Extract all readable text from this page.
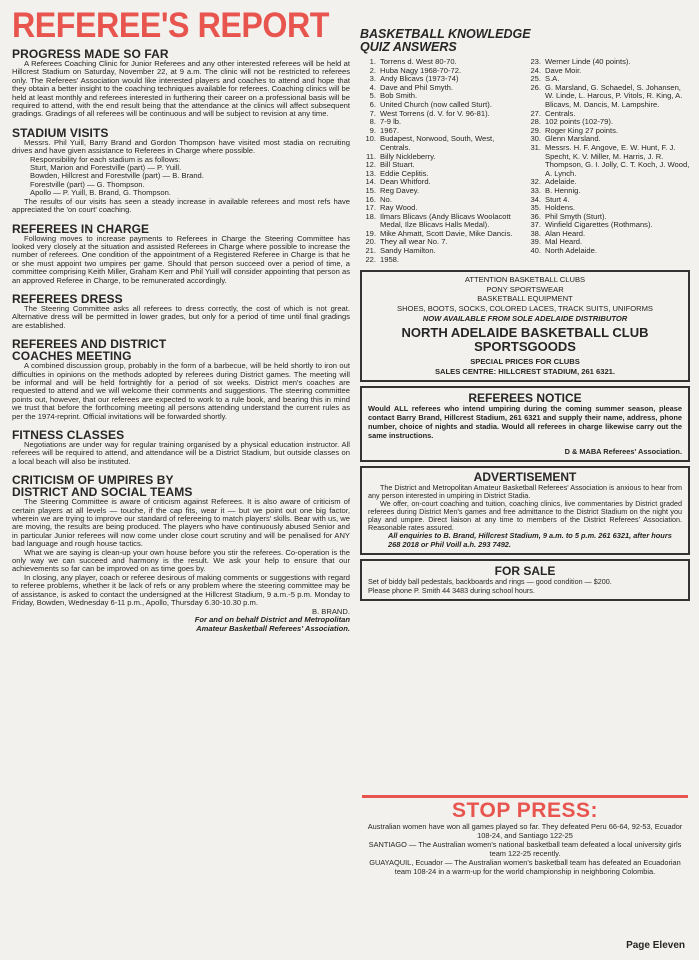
REFEREE'S REPORT
PROGRESS MADE SO FAR

A Referees Coaching Clinic for Junior Referees and any other interested referees will be held at Hillcrest Stadium on Saturday, November 22, at 9 a.m. The clinic will not be restricted to referees only. The Referees' Association would like interested players and coaches to attend and hope that they obtain a better insight to the coaching techniques available for referees. Coaching clinics will be held at least monthly and referees interested in furthering their career on a professional basis will be required to attend, with the end result being that the attendance at the clinics will affect subsequent gradings. Gradings of all referees will be continuous and will be subject to revision at any time.

STADIUM VISITS

Messrs. Phil Yuill, Barry Brand and Gordon Thompson have visited most stadia on recruiting drives and have given assistance to Referees in Charge where possible.

Responsibility for each stadium is as follows:
Sturt, Marion and Forestville (part) — P. Yuill.
Bowden, Hillcrest and Forestville (part) — B. Brand.
Forestville (part) — G. Thompson.
Apollo — P. Yuill, B. Brand, G. Thompson.

The results of our visits has seen a steady increase in available referees and most refs have appreciated the 'on court' coaching.

REFEREES IN CHARGE

Following moves to increase payments to Referees in Charge the Steering Committee has looked very closely at the situation and assisted Referees in Charge where possible to increase the number of referees. One condition of the appointment of a Registered Referee in Charge is that he or she must appoint two umpires per game. Should that person succeed over a period of time, a committee comprising Keith Miller, Graham Kerr and Phil Yuill will consider appointing that person as an approved Referee in Charge, to be remunerated accordingly.

REFEREES DRESS

The Steering Committee asks all referees to dress correctly, the cost of which is not great. Alternative dress will be permitted in lower grades, but only for a period of time until final gradings are established.

REFEREES AND DISTRICT
COACHES MEETING

A combined discussion group, probably in the form of a barbecue, will be held shortly to iron out difficulties in opinions on the methods adopted by referees during District games. The meeting will be informal and will be held fortnightly for a period of six weeks. District men's coaches are requested to attend and we will welcome their comments and suggestions. The steering committee points out, however, that our referees are expected to work to a rule book, and bearing this in mind we trust that before the forthcoming meeting all persons attending understand the current rules as per the 1974-reprint. Official invitations will be forwarded shortly.

FITNESS CLASSES

Negotiations are under way for regular training organised by a physical education instructor. All referees will be required to attend, and attendance will be a District Stadium, but outside classes on a local beach will also be instituted.

CRITICISM OF UMPIRES BY
DISTRICT AND SOCIAL TEAMS

The Steering Committee is aware of criticism against Referees. It is also aware of criticism of certain players at all levels — touche, if the cap fits, wear it — but we point out one big factor, wherein we are trying to improve our standard of refereeing to match players' skills. Bear with us, we are moving, the results are being produced. The players who have continuously abused Senior and in particular Junior referees will now come under close court scrutiny and will be penalised for ANY bad language and rough house tactics.

What we are saying is clean-up your own house before you stir the referees. Co-operation is the only way we can succeed and harmony is the result. We ask your help to ensure that our achievements so far can be improved on as time goes by.

In closing, any player, coach or referee desirous of making comments or suggestions with regard to referee problems, whether it be lack of refs or any problem where the steering committee may be of assistance, is asked to contact the undersigned at the Hillcrest Stadium, 9 a.m.-5 p.m. Monday to Friday, Bowden, Wednesday 6-11 p.m., Apollo, Thursday 6.30-10.30 p.m.

B. BRAND.
For and on behalf District and Metropolitan
Amateur Basketball Referees' Association.
BASKETBALL KNOWLEDGE
QUIZ ANSWERS
1. Torrens d. West 80-70.
2. Huba Nagy 1968-70-72.
3. Andy Blicavs (1973-74)
4. Dave and Phil Smyth.
5. Bob Smith.
6. United Church (now called Sturt).
7. West Torrens (d. V. for V. 96-81).
8. 7-9 lb.
9. 1967.
10. Budapest, Norwood, South, West, Centrals.
11. Billy Nickleberry.
12. Bill Stuart.
13. Eddie Ceplitis.
14. Dean Whitford.
15. Reg Davey.
16. No.
17. Ray Wood.
18. Ilmars Blicavs (Andy Blicavs Woolacott Medal, Ilze Blicavs Halls Medal).
19. Mike Ahmatt, Scott Davie, Mike Dancis.
20. They all wear No. 7.
21. Sandy Hamilton.
22. 1958.
23. Werner Linde (40 points).
24. Dave Moir.
25. S.A.
26. G. Marsland, G. Schaedel, S. Johansen, W. Linde, L. Harcus, P. Vitols, R. King, A. Blicavs, M. Dancis, M. Lampshire.
27. Centrals.
28. 102 points (102-79).
29. Roger King 27 points.
30. Glenn Marsland.
31. Messrs. H. F. Angove, E. W. Hunt, F. J. Specht, K. V. Miller, M. Harris, J. R. Thompson, G. I. Jolly, C. T. Koch, J. Wood, A. Lynch.
32. Adelaide.
33. B. Hennig.
34. Sturt 4.
35. Holdens.
36. Phil Smyth (Sturt).
37. Winfield Cigarettes (Rothmans).
38. Alan Heard.
39. Mal Heard.
40. North Adelaide.
ATTENTION BASKETBALL CLUBS
PONY SPORTSWEAR
BASKETBALL EQUIPMENT
SHOES, BOOTS, SOCKS, COLORED LACES, TRACK SUITS, UNIFORMS
NOW AVAILABLE FROM SOLE ADELAIDE DISTRIBUTOR
NORTH ADELAIDE BASKETBALL CLUB
SPORTSGOODS
SPECIAL PRICES FOR CLUBS
SALES CENTRE: HILLCREST STADIUM, 261 6321.
REFEREES NOTICE
Would ALL referees who intend umpiring during the coming summer season, please contact Barry Brand, Hillcrest Stadium, 261 6321 and supply their name, address, phone number, choice of nights and stadia. Would all referees in charge likewise carry out the same instructions.
D & MABA Referees' Association.
ADVERTISEMENT

The District and Metropolitan Amateur Basketball Referees' Association is anxious to hear from any person interested in umpiring in District Stadia.

We offer, on-court coaching and tuition, coaching clinics, live commentaries by District graded referees during District Men's games and free admittance to the District Stadium on the night you play and umpire. Direct liaison at any time to members of the District Referees' Association. Reasonable rates assured.

All enquiries to B. Brand, Hillcrest Stadium, 9 a.m. to 5 p.m. 261 6321, after hours 268 2018 or Phil Voill a.h. 293 7492.

FOR SALE

Set of biddy ball pedestals, backboards and rings — good condition — $200.

Please phone P. Smith 44 3483 during school hours.

STOP PRESS:
Australian women have won all games played so far. They defeated Peru 66-64, 92-53, Ecuador 108-24, and Santiago 122-25
SANTIAGO — The Australian women's national basketball team defeated a local university girls team 122-25 recently.
GUAYAQUIL, Ecuador — The Australian women's basketball team has defeated an Ecuadorian team 108-24 in a warm-up for the world championship in neighboring Colombia.
Page Eleven
